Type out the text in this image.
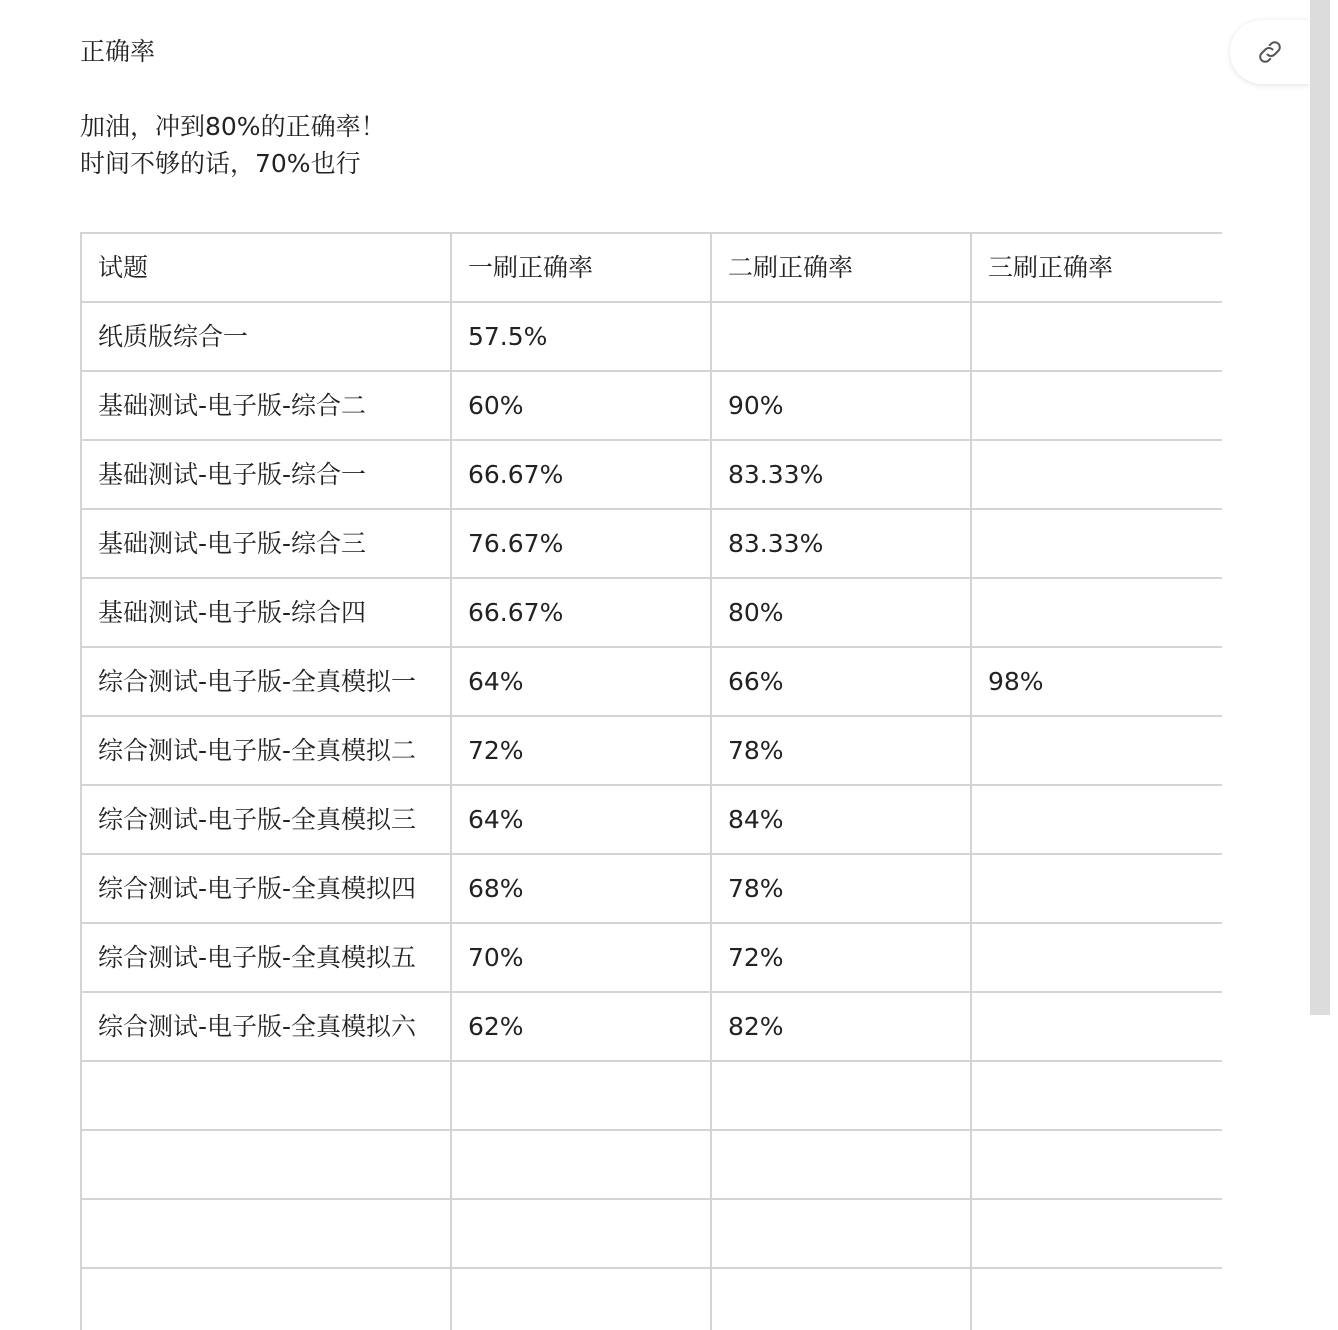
正确率
加油，冲到80%的正确率！
时间不够的话，70%也行
试题	一刷正确率	二刷正确率	三刷正确率
纸质版综合一	57.5%		
基础测试-电子版-综合二	60%	90%	
基础测试-电子版-综合一	66.67%	83.33%	
基础测试-电子版-综合三	76.67%	83.33%	
基础测试-电子版-综合四	66.67%	80%	
综合测试-电子版-全真模拟一	64%	66%	98%
综合测试-电子版-全真模拟二	72%	78%	
综合测试-电子版-全真模拟三	64%	84%	
综合测试-电子版-全真模拟四	68%	78%	
综合测试-电子版-全真模拟五	70%	72%	
综合测试-电子版-全真模拟六	62%	82%	
